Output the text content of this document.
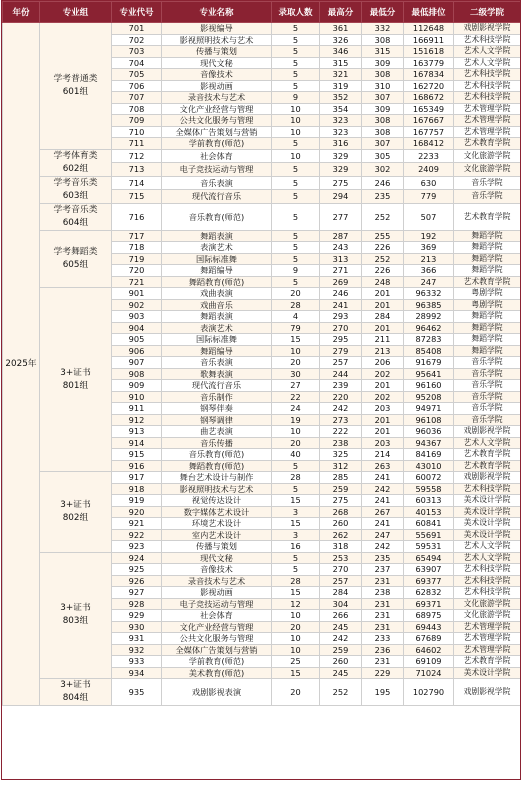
年份	专业组	专业代号	专业名称	录取人数	最高分	最低分	最低排位	二级学院
2025年	学考普通类
601组	701	影视编导	5	361	332	112648	戏剧影视学院
		702	影视照明技术与艺术	5	326	308	166911	艺术科技学院
		703	传播与策划	5	346	315	151618	艺术人文学院
		704	现代文秘	5	315	309	163779	艺术人文学院
		705	音像技术	5	321	308	167834	艺术科技学院
		706	影视动画	5	319	310	162720	艺术科技学院
		707	录音技术与艺术	9	352	307	168672	艺术科技学院
		708	文化产业经营与管理	10	354	309	165349	艺术管理学院
		709	公共文化服务与管理	10	323	308	167667	艺术管理学院
		710	全媒体广告策划与营销	10	323	308	167757	艺术管理学院
		711	学前教育(师范)	5	316	307	168412	艺术教育学院
	学考体育类
602组	712	社会体育	10	329	305	2233	文化旅游学院
		713	电子竞技运动与管理	5	329	302	2409	文化旅游学院
	学考音乐类
603组	714	音乐表演	5	275	246	630	音乐学院
		715	现代流行音乐	5	294	235	779	音乐学院
	学考音乐类
604组	716	音乐教育(师范)	5	277	252	507	艺术教育学院
	学考舞蹈类
605组	717	舞蹈表演	5	287	255	192	舞蹈学院
		718	表演艺术	5	243	226	369	舞蹈学院
		719	国际标准舞	5	313	252	213	舞蹈学院
		720	舞蹈编导	9	271	226	366	舞蹈学院
		721	舞蹈教育(师范)	5	269	248	247	艺术教育学院
	3+证书
801组	901	戏曲表演	20	246	201	96332	粤剧学院
		902	戏曲音乐	28	241	201	96385	粤剧学院
		903	舞蹈表演	4	293	284	28992	舞蹈学院
		904	表演艺术	79	270	201	96462	舞蹈学院
		905	国际标准舞	15	295	211	87283	舞蹈学院
		906	舞蹈编导	10	279	213	85408	舞蹈学院
		907	音乐表演	20	257	206	91679	音乐学院
		908	歌舞表演	30	244	202	95641	音乐学院
		909	现代流行音乐	27	239	201	96160	音乐学院
		910	音乐制作	22	220	202	95208	音乐学院
		911	钢琴伴奏	24	242	203	94971	音乐学院
		912	钢琴调律	19	273	201	96108	音乐学院
		913	曲艺表演	10	222	201	96036	戏剧影视学院
		914	音乐传播	20	238	203	94367	艺术人文学院
		915	音乐教育(师范)	40	325	214	84169	艺术教育学院
		916	舞蹈教育(师范)	5	312	263	43010	艺术教育学院
	3+证书
802组	917	舞台艺术设计与制作	28	285	241	60072	戏剧影视学院
		918	影视照明技术与艺术	5	259	242	59558	艺术科技学院
		919	视觉传达设计	15	275	241	60313	美术设计学院
		920	数字媒体艺术设计	3	268	267	40153	美术设计学院
		921	环境艺术设计	15	260	241	60841	美术设计学院
		922	室内艺术设计	3	262	247	55691	美术设计学院
		923	传播与策划	16	318	242	59531	艺术人文学院
	3+证书
803组	924	现代文秘	5	253	235	65494	艺术人文学院
		925	音像技术	5	270	237	63907	艺术科技学院
		926	录音技术与艺术	28	257	231	69377	艺术科技学院
		927	影视动画	15	284	238	62832	艺术科技学院
		928	电子竞技运动与管理	12	304	231	69371	文化旅游学院
		929	社会体育	10	266	231	68975	文化旅游学院
		930	文化产业经营与管理	20	245	231	69443	艺术管理学院
		931	公共文化服务与管理	10	242	233	67689	艺术管理学院
		932	全媒体广告策划与营销	10	259	236	64602	艺术管理学院
		933	学前教育(师范)	25	260	231	69109	艺术教育学院
		934	美术教育(师范)	15	245	229	71024	美术设计学院
	3+证书
804组	935	戏剧影视表演	20	252	195	102790	戏剧影视学院
